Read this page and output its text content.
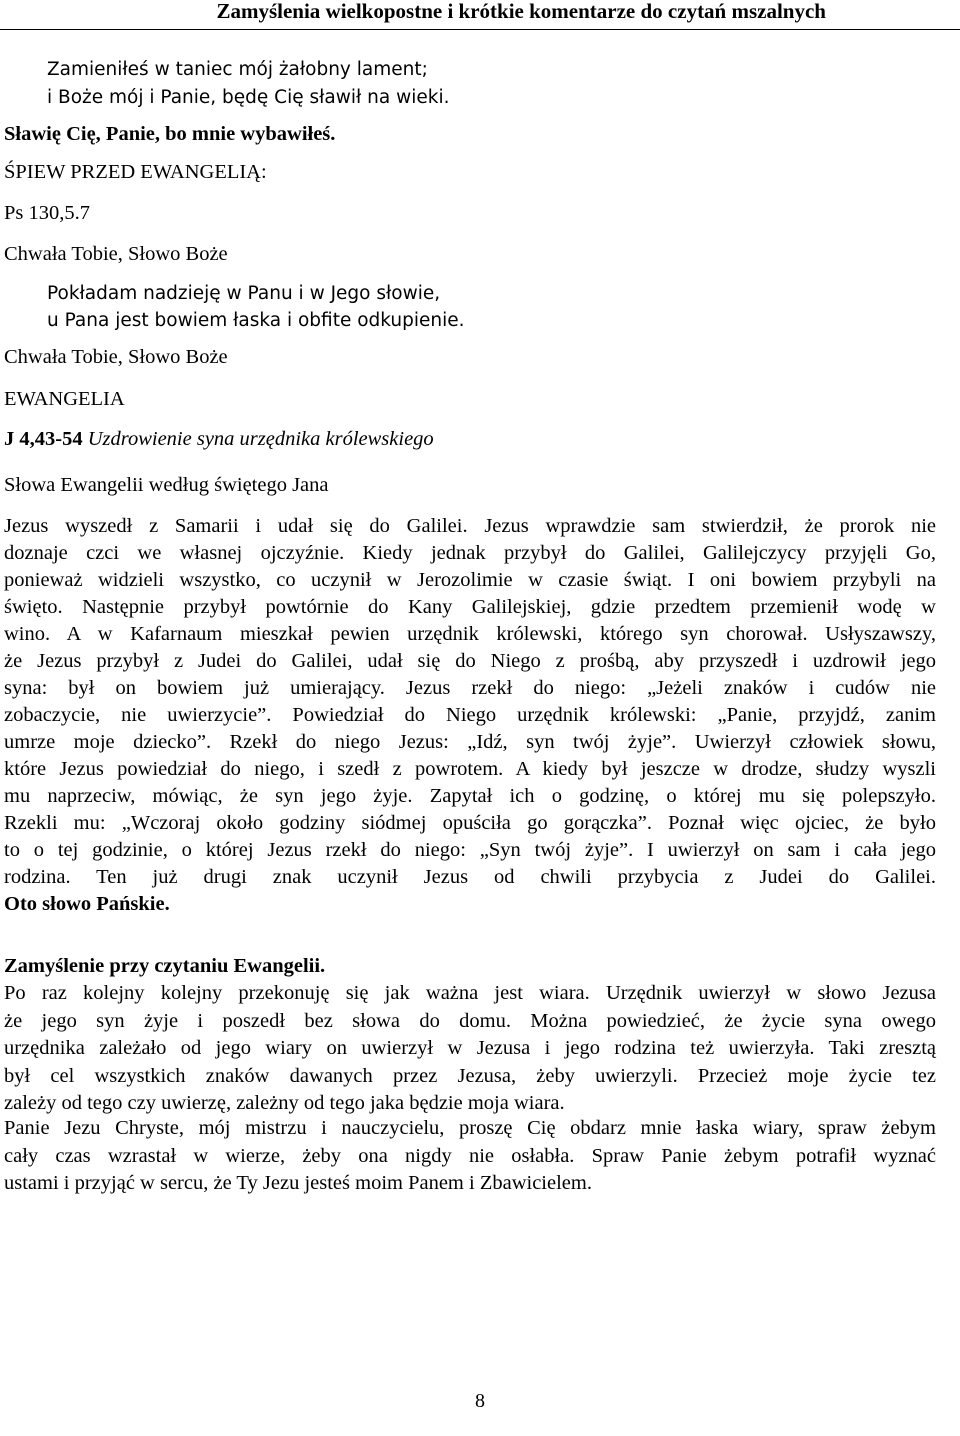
Zamyślenia wielkopostne i krótkie komentarze do czytań mszalnych
Zamieniłeś w taniec mój żałobny lament;
i Boże mój i Panie, będę Cię sławił na wieki.
Sławię Cię, Panie, bo mnie wybawiłeś.
ŚPIEW PRZED EWANGELIĄ:
Ps 130,5.7
Chwała Tobie, Słowo Boże
Pokładam nadzieję w Panu i w Jego słowie,
u Pana jest bowiem łaska i obfite odkupienie.
Chwała Tobie, Słowo Boże
EWANGELIA
J 4,43-54 Uzdrowienie syna urzędnika królewskiego
Słowa Ewangelii według świętego Jana
Jezus wyszedł z Samarii i udał się do Galilei. Jezus wprawdzie sam stwierdził, że prorok nie
doznaje czci we własnej ojczyźnie. Kiedy jednak przybył do Galilei, Galilejczycy przyjęli Go,
ponieważ widzieli wszystko, co uczynił w Jerozolimie w czasie świąt. I oni bowiem przybyli na
święto. Następnie przybył powtórnie do Kany Galilejskiej, gdzie przedtem przemienił wodę w
wino. A w Kafarnaum mieszkał pewien urzędnik królewski, którego syn chorował. Usłyszawszy,
że Jezus przybył z Judei do Galilei, udał się do Niego z prośbą, aby przyszedł i uzdrowił jego
syna: był on bowiem już umierający. Jezus rzekł do niego: „Jeżeli znaków i cudów nie
zobaczycie, nie uwierzycie”. Powiedział do Niego urzędnik królewski: „Panie, przyjdź, zanim
umrze moje dziecko”. Rzekł do niego Jezus: „Idź, syn twój żyje”. Uwierzył człowiek słowu,
które Jezus powiedział do niego, i szedł z powrotem. A kiedy był jeszcze w drodze, słudzy wyszli
mu naprzeciw, mówiąc, że syn jego żyje. Zapytał ich o godzinę, o której mu się polepszyło.
Rzekli mu: „Wczoraj około godziny siódmej opuściła go gorączka”. Poznał więc ojciec, że było
to o tej godzinie, o której Jezus rzekł do niego: „Syn twój żyje”. I uwierzył on sam i cała jego
rodzina. Ten już drugi znak uczynił Jezus od chwili przybycia z Judei do Galilei.
Oto słowo Pańskie.
Zamyślenie przy czytaniu Ewangelii.
Po raz kolejny kolejny przekonuję się jak ważna jest wiara. Urzędnik uwierzył w słowo Jezusa
że jego syn żyje i poszedł bez słowa do domu. Można powiedzieć, że życie syna owego
urzędnika zależało od jego wiary on uwierzył w Jezusa i jego rodzina też uwierzyła. Taki zresztą
był cel wszystkich znaków dawanych przez Jezusa, żeby uwierzyli. Przecież moje życie tez
zależy od tego czy uwierzę, zależny od tego jaka będzie moja wiara.
Panie Jezu Chryste, mój mistrzu i nauczycielu, proszę Cię obdarz mnie łaska wiary, spraw żebym
cały czas wzrastał w wierze, żeby ona nigdy nie osłabła. Spraw Panie żebym potrafił wyznać
ustami i przyjąć w sercu, że Ty Jezu jesteś moim Panem i Zbawicielem.
8
